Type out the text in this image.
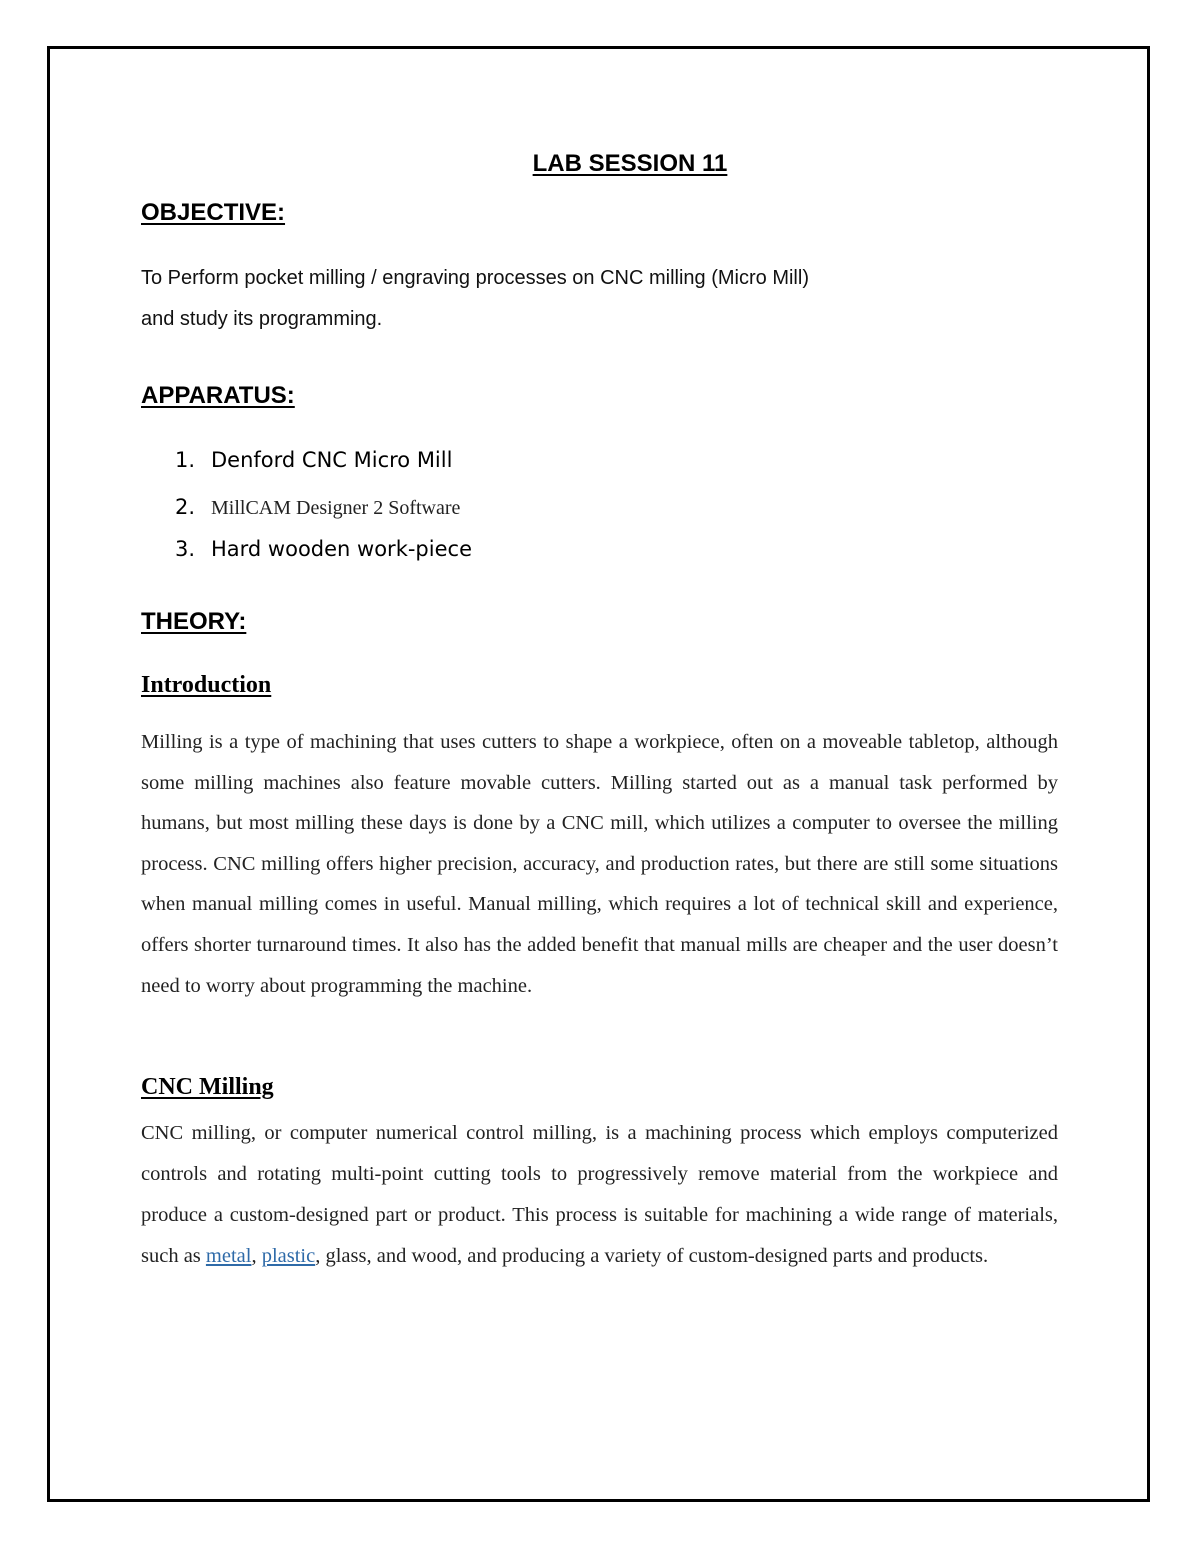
LAB SESSION 11
OBJECTIVE:
To Perform pocket milling / engraving processes on CNC milling (Micro Mill)
and study its programming.
APPARATUS:
1. Denford CNC Micro Mill
2. MillCAM Designer 2 Software
3. Hard wooden work-piece
THEORY:
Introduction
Milling is a type of machining that uses cutters to shape a workpiece, often on a moveable tabletop, although some milling machines also feature movable cutters. Milling started out as a manual task performed by humans, but most milling these days is done by a CNC mill, which utilizes a computer to oversee the milling process. CNC milling offers higher precision, accuracy, and production rates, but there are still some situations when manual milling comes in useful. Manual milling, which requires a lot of technical skill and experience, offers shorter turnaround times. It also has the added benefit that manual mills are cheaper and the user doesn’t need to worry about programming the machine.
CNC Milling
CNC milling, or computer numerical control milling, is a machining process which employs computerized controls and rotating multi-point cutting tools to progressively remove material from the workpiece and produce a custom-designed part or product. This process is suitable for machining a wide range of materials, such as metal, plastic, glass, and wood, and producing a variety of custom-designed parts and products.
